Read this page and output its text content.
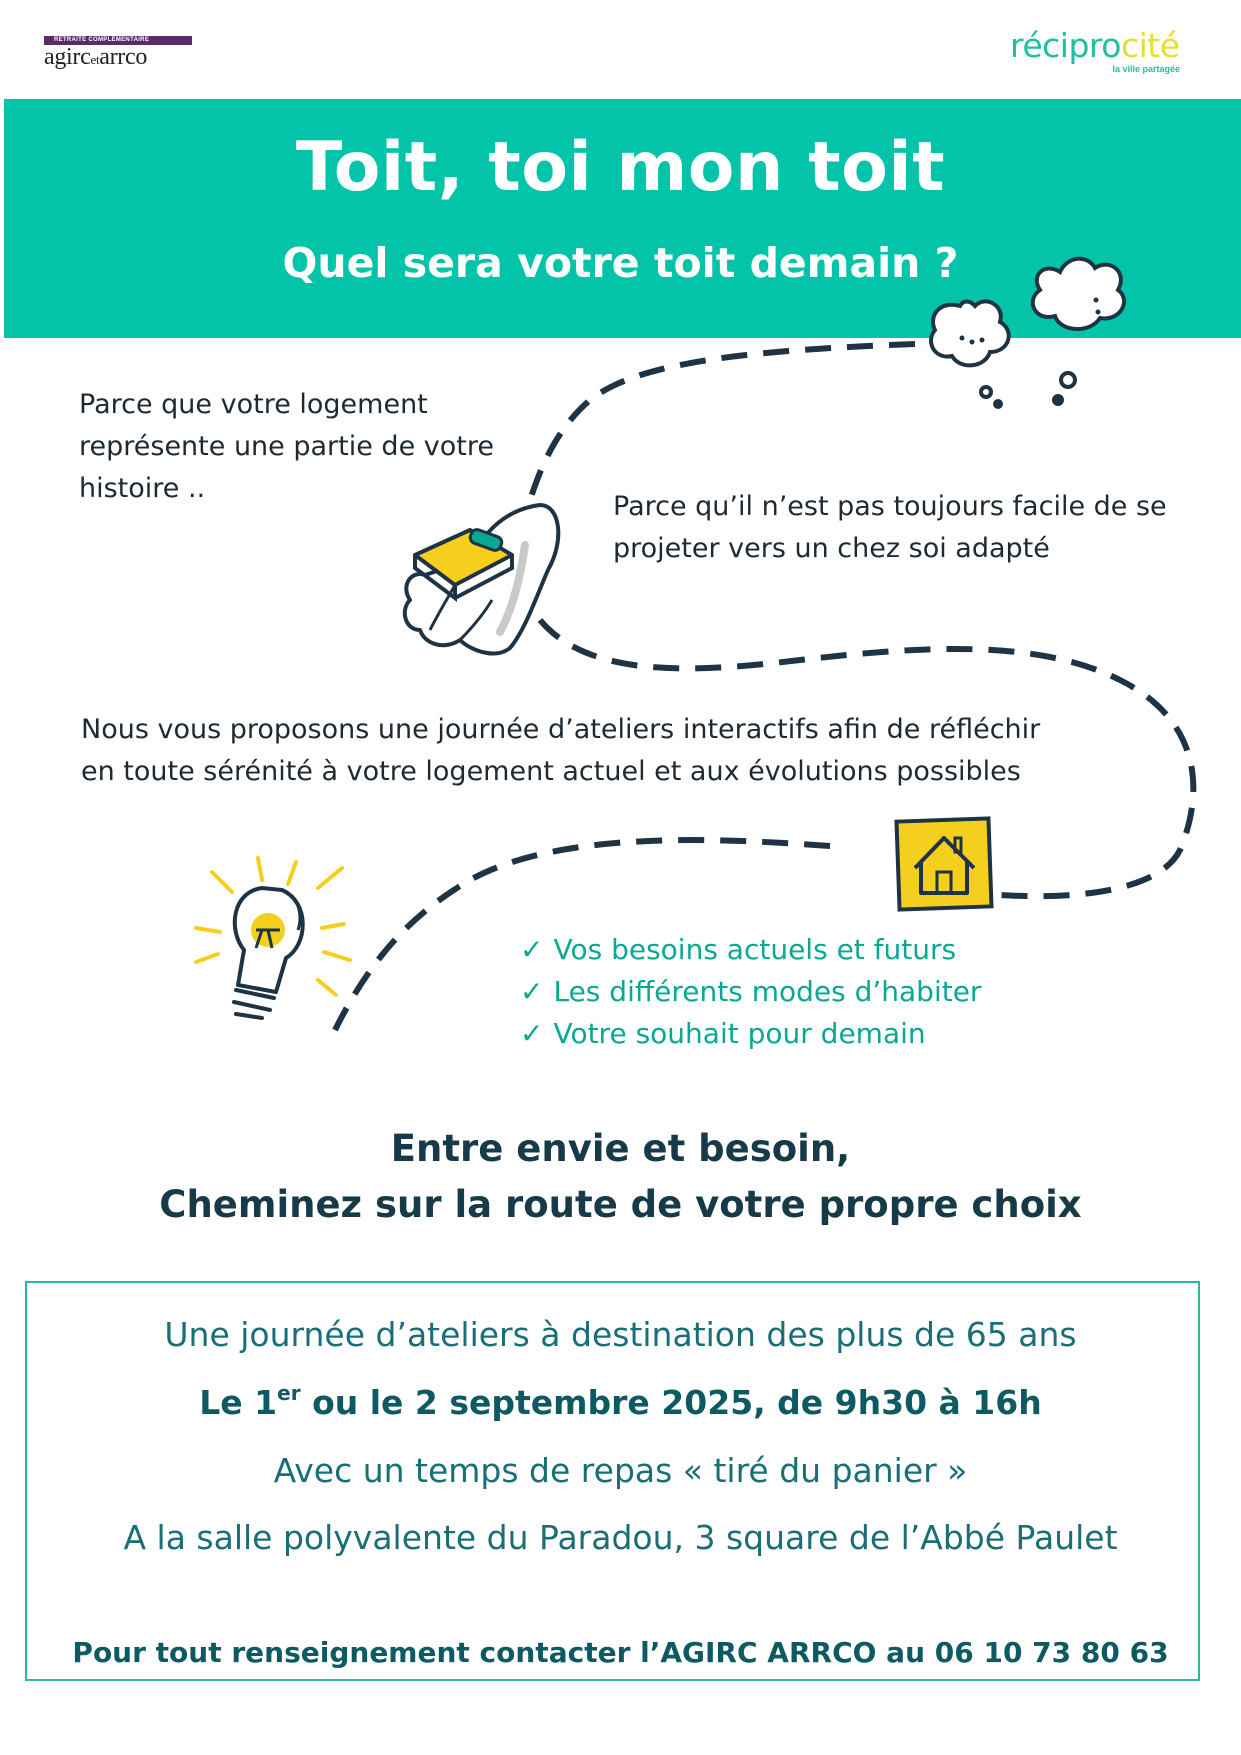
RETRAITE COMPLÉMENTAIRE
agircetarrco	réciprocité
la ville partagée
Toit, toi mon toit
Quel sera votre toit demain ?
Parce que votre logement représente une partie de votre histoire ..
Parce qu’il n’est pas toujours facile de se projeter vers un chez soi adapté
Nous vous proposons une journée d’ateliers interactifs afin de réfléchir en toute sérénité à votre logement actuel et aux évolutions possibles
✓ Vos besoins actuels et futurs
✓ Les différents modes d’habiter
✓ Votre souhait pour demain
Entre envie et besoin,
Cheminez sur la route de votre propre choix
Une journée d’ateliers à destination des plus de 65 ans
Le 1er ou le 2 septembre 2025, de 9h30 à 16h
Avec un temps de repas « tiré du panier »
A la salle polyvalente du Paradou, 3 square de l’Abbé Paulet
Pour tout renseignement contacter l’AGIRC ARRCO au 06 10 73 80 63
